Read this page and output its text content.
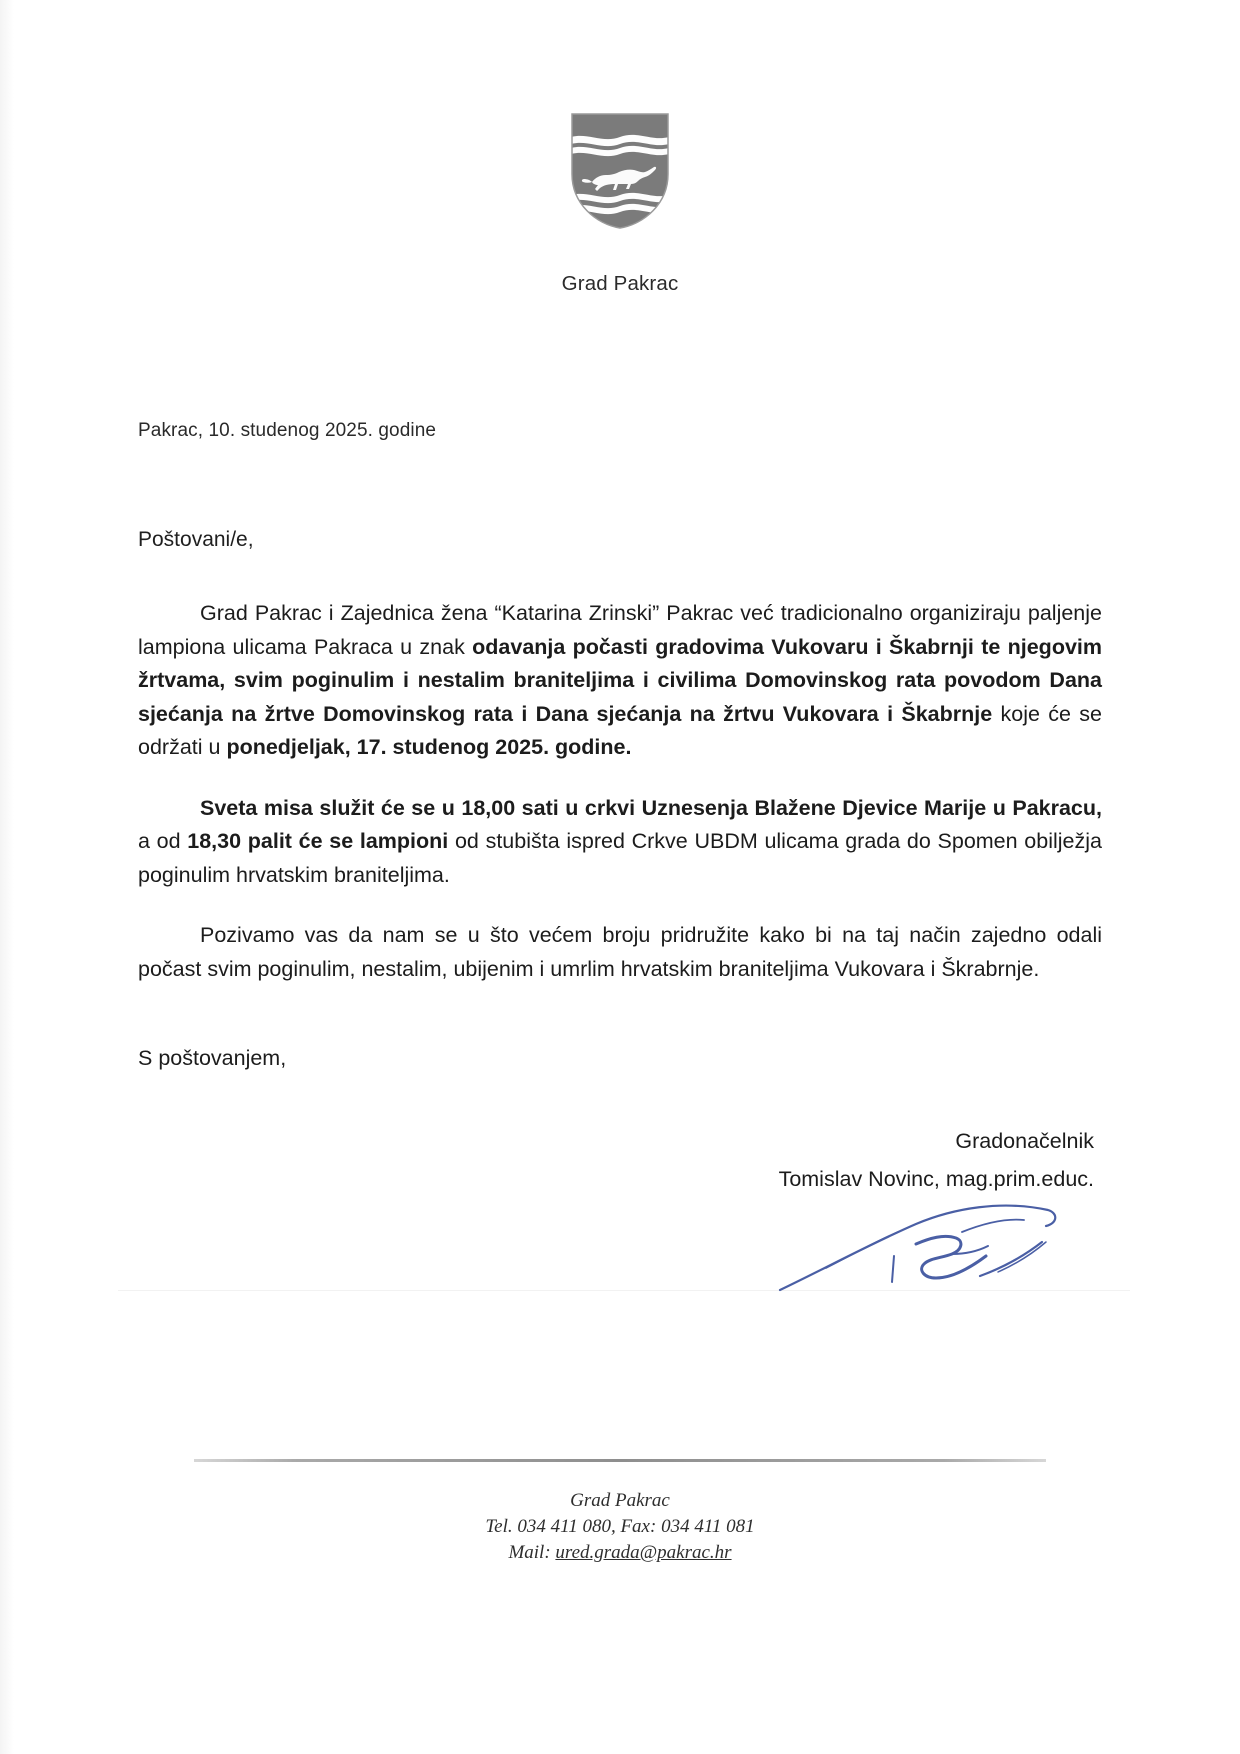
Grad Pakrac
Pakrac, 10. studenog 2025. godine
Poštovani/e,

Grad Pakrac i Zajednica žena “Katarina Zrinski” Pakrac već tradicionalno organiziraju paljenje lampiona ulicama Pakraca u znak odavanja počasti gradovima Vukovaru i Škabrnji te njegovim žrtvama, svim poginulim i nestalim braniteljima i civilima Domovinskog rata povodom Dana sjećanja na žrtve Domovinskog rata i Dana sjećanja na žrtvu Vukovara i Škabrnje koje će se održati u ponedjeljak, 17. studenog 2025. godine.

Sveta misa služit će se u 18,00 sati u crkvi Uznesenja Blažene Djevice Marije u Pakracu, a od 18,30 palit će se lampioni od stubišta ispred Crkve UBDM ulicama grada do Spomen obilježja poginulim hrvatskim braniteljima.

Pozivamo vas da nam se u što većem broju pridružite kako bi na taj način zajedno odali počast svim poginulim, nestalim, ubijenim i umrlim hrvatskim braniteljima Vukovara i Škrabrnje.

S poštovanjem,
Gradonačelnik
Tomislav Novinc, mag.prim.educ.
Grad Pakrac
Tel. 034 411 080, Fax: 034 411 081
Mail: ured.grada@pakrac.hr
